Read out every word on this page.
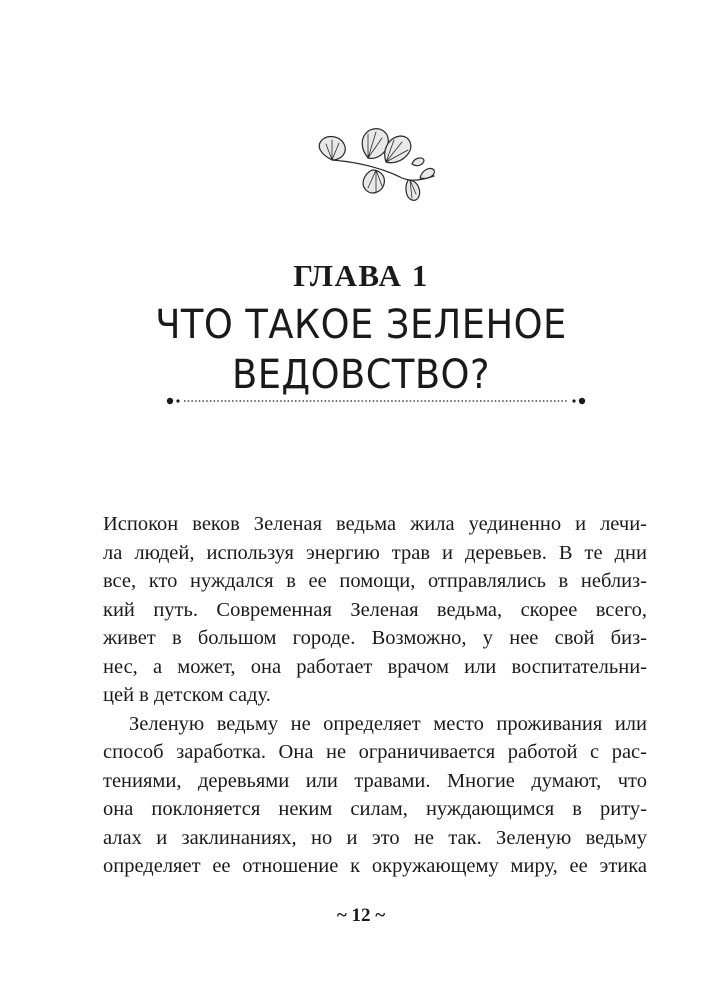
ГЛАВА 1
ЧТО ТАКОЕ ЗЕЛЕНОЕ
ВЕДОВСТВО?
Испокон веков Зеленая ведьма жила уединенно и лечи-
ла людей, используя энергию трав и деревьев. В те дни
все, кто нуждался в ее помощи, отправлялись в неблиз-
кий путь. Современная Зеленая ведьма, скорее всего,
живет в большом городе. Возможно, у нее свой биз-
нес, а может, она работает врачом или воспитательни-
цей в детском саду.
Зеленую ведьму не определяет место проживания или
способ заработка. Она не ограничивается работой с рас-
тениями, деревьями или травами. Многие думают, что
она поклоняется неким силам, нуждающимся в риту-
алах и заклинаниях, но и это не так. Зеленую ведьму
определяет ее отношение к окружающему миру, ее этика
~ 12 ~
